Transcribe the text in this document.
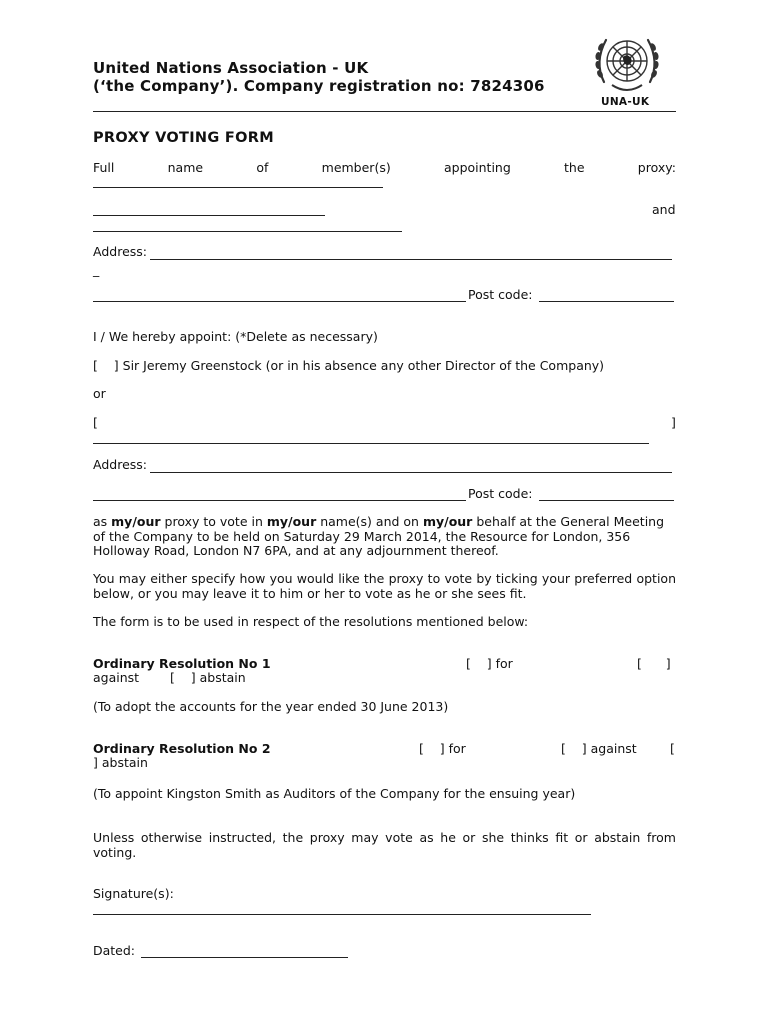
United Nations Association - UK
(‘the Company’). Company registration no: 7824306
UNA-UK
PROXY VOTING FORM
Full	name	of	member(s)	appointing	the	proxy:
and
Address:
_
Post code:
I / We hereby appoint: (*Delete as necessary)
[    ] Sir Jeremy Greenstock (or in his absence any other Director of the Company)
or
[	]
Address:
Post code:
as my/our proxy to vote in my/our name(s) and on my/our behalf at the General Meeting of the Company to be held on Saturday 29 March 2014, the Resource for London, 356 Holloway Road, London N7 6PA, and at any adjournment thereof.
You may either specify how you would like the proxy to vote by ticking your preferred option below, or you may leave it to him or her to vote as he or she sees fit.
The form is to be used in respect of the resolutions mentioned below:
Ordinary Resolution No 1	[    ] for	[      ]
against [    ] abstain
(To adopt the accounts for the year ended 30 June 2013)
Ordinary Resolution No 2	[    ] for	[    ] against	[
] abstain
(To appoint Kingston Smith as Auditors of the Company for the ensuing year)
Unless otherwise instructed, the proxy may vote as he or she thinks fit or abstain from voting.
Signature(s):
Dated:
